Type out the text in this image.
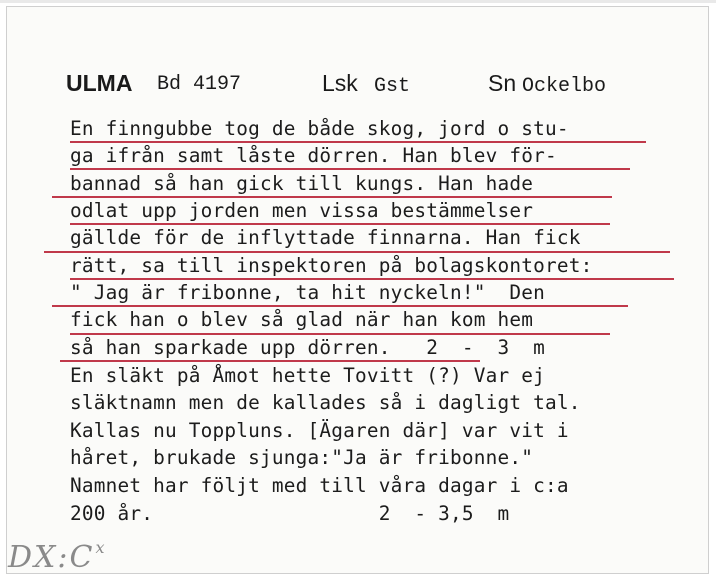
ULMA Bd 4197	Lsk Gst	Sn Ockelbo
En finngubbe tog de både skog, jord o stu-
ga ifrån samt låste dörren. Han blev för-
bannad så han gick till kungs. Han hade
odlat upp jorden men vissa bestämmelser
gällde för de inflyttade finnarna. Han fick
rätt, sa till inspektoren på bolagskontoret:
" Jag är fribonne, ta hit nyckeln!"  Den
fick han o blev så glad när han kom hem
så han sparkade upp dörren.   2  -  3  m
En släkt på Åmot hette Tovitt (?) Var ej
släktnamn men de kallades så i dagligt tal.
Kallas nu Toppluns. [Ägaren där] var vit i
håret, brukade sjunga:"Ja är fribonne."
Namnet har följt med till våra dagar i c:a
200 år.                   2  - 3,5  m
$DX:C^x$
